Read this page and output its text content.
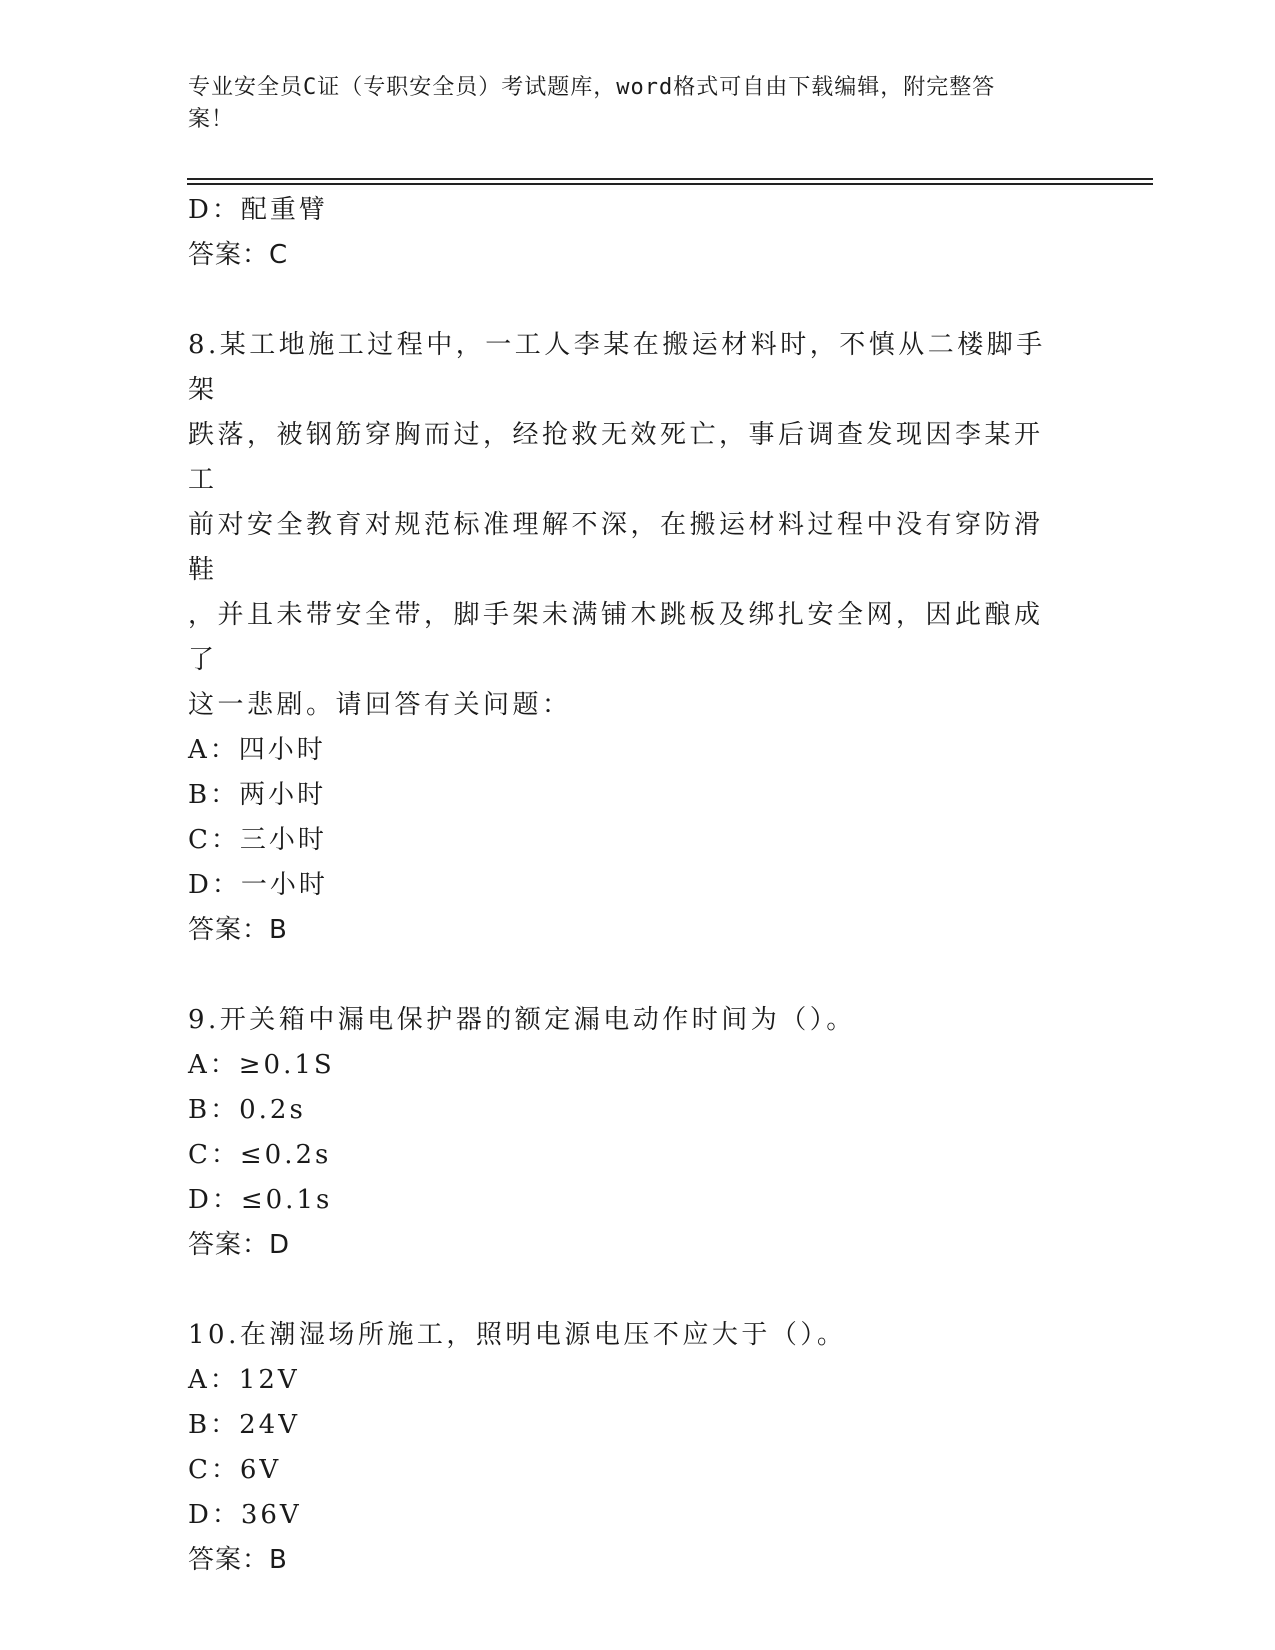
专业安全员C证（专职安全员）考试题库，word格式可自由下载编辑，附完整答
案！
D：配重臂
答案：C
8.某工地施工过程中，一工人李某在搬运材料时，不慎从二楼脚手架
跌落，被钢筋穿胸而过，经抢救无效死亡，事后调查发现因李某开工
前对安全教育对规范标准理解不深，在搬运材料过程中没有穿防滑鞋
，并且未带安全带，脚手架未满铺木跳板及绑扎安全网，因此酿成了
这一悲剧。请回答有关问题：
A：四小时
B：两小时
C：三小时
D：一小时
答案：B
9.开关箱中漏电保护器的额定漏电动作时间为（）。
A：≥0.1S
B：0.2s
C：≤0.2s
D：≤0.1s
答案：D
10.在潮湿场所施工，照明电源电压不应大于（）。
A：12V
B：24V
C：6V
D：36V
答案：B
